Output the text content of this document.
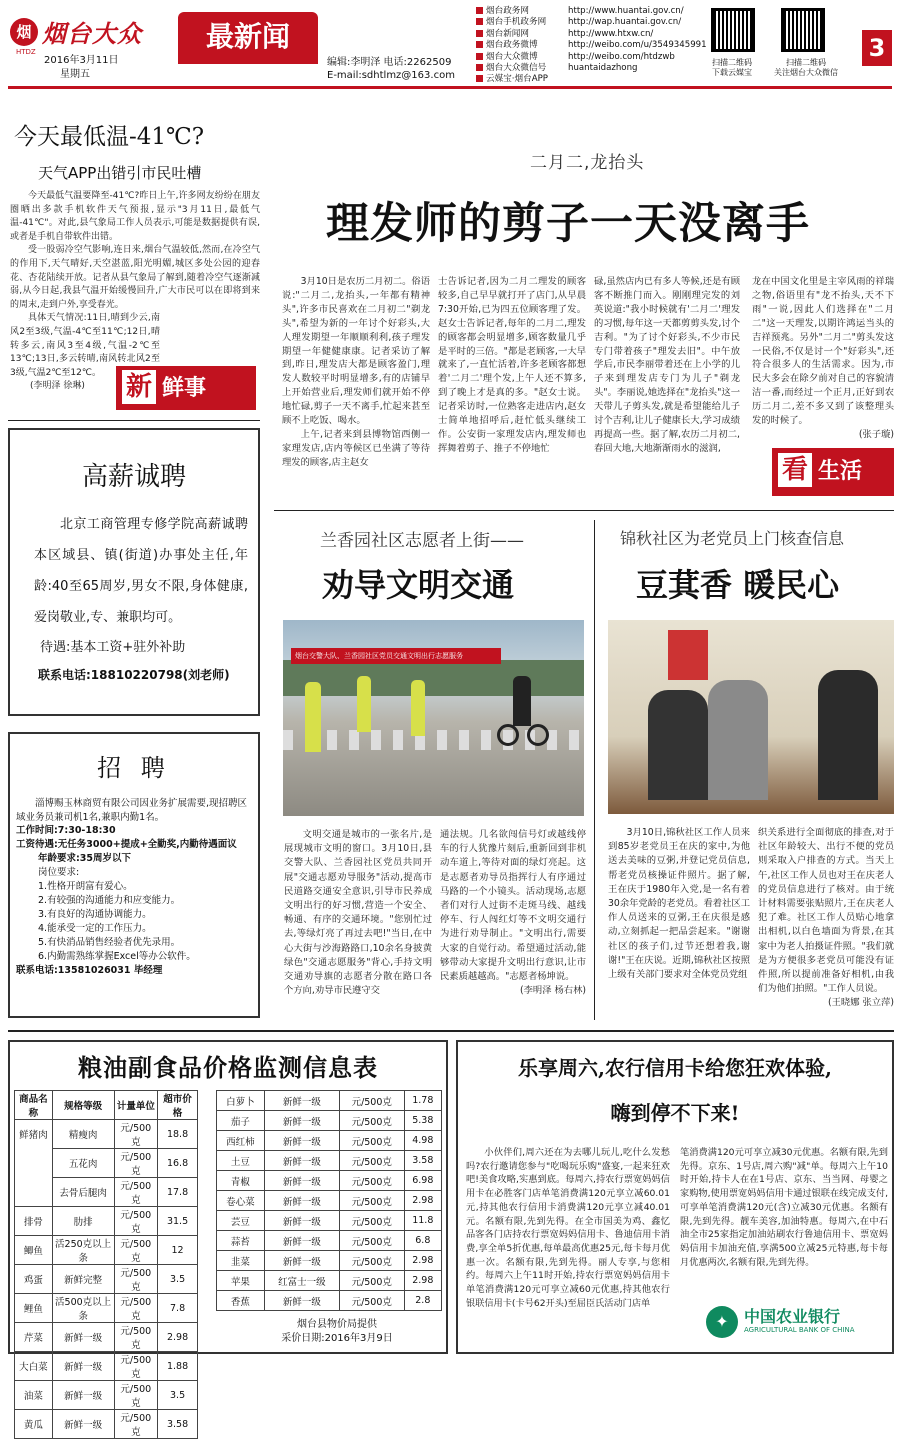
烟 烟台大众
HTDZ
2016年3月11日
星期五
最新闻
编辑:李明泽 电话:2262509
E-mail:sdhtlmz@163.com
烟台政务网	http://www.huantai.gov.cn/
烟台手机政务网	http://wap.huantai.gov.cn/
烟台新闻网	http://www.htxw.cn/
烟台政务微博	http://weibo.com/u/3549345991
烟台大众微博	http://weibo.com/htdzwb
烟台大众微信号	huantaidazhong
云媒宝·烟台APP
扫描二维码
下载云媒宝
扫描二维码
关注烟台大众微信
3
今天最低温-41℃?
天气APP出错引市民吐槽

今天最低气温要降至-41℃?昨日上午,许多网友纷纷在朋友圈晒出多款手机软件天气预报,显示"3月11日,最低气温-41℃"。对此,县气象局工作人员表示,可能是数据提供有误,或者是手机自带软件出错。

受一股弱冷空气影响,连日来,烟台气温较低,然而,在冷空气的作用下,天气晴好,天空湛蓝,阳光明媚,城区多处公园的迎春花、杏花陆续开放。记者从县气象局了解到,随着冷空气逐渐减弱,从今日起,我县气温开始缓慢回升,广大市民可以在即将到来的周末,走到户外,享受春光。

具体天气情况:11日,晴到少云,南风2至3级,气温-4℃至11℃;12日,晴转多云,南风3至4级,气温-2℃至13℃;13日,多云转晴,南风转北风2至3级,气温2℃至12℃。

(李明泽 徐琳)	新 鲜事
高薪诚聘
北京工商管理专修学院高薪诚聘本区域县、镇(街道)办事处主任,年龄:40至65周岁,男女不限,身体健康,爱岗敬业,专、兼职均可。
待遇:基本工资+驻外补助
联系电话:18810220798(刘老师)
招 聘
淄博赐玉林商贸有限公司因业务扩展需要,现招聘区域业务员兼司机1名,兼职内勤1名。
工作时间:7:30-18:30
工资待遇:无任务3000+提成+全勤奖,内勤待遇面议
年龄要求:35周岁以下
岗位要求:
1.性格开朗富有爱心。
2.有较强的沟通能力和应变能力。
3.有良好的沟通协调能力。
4.能承受一定的工作压力。
5.有快消品销售经验者优先录用。
6.内勤需熟练掌握Excel等办公软件。
联系电话:13581026031 毕经理
二月二,龙抬头
理发师的剪子一天没离手

3月10日是农历二月初二。俗语说:"二月二,龙抬头,一年都有精神头",许多市民喜欢在二月初二"剃龙头",希望为新的一年讨个好彩头,大人理发期望一年顺顺利利,孩子理发期望一年健健康康。记者采访了解到,昨日,理发店大都是顾客盈门,理发人数较平时明显增多,有的店铺早上开始营业后,理发师们就开始不停地忙碌,剪子一天不离手,忙起来甚至顾不上吃饭、喝水。

上午,记者来到县博物馆西侧一家理发店,店内等候区已坐满了等待理发的顾客,店主赵女

士告诉记者,因为二月二理发的顾客较多,自己早早就打开了店门,从早晨7:30开始,已为四五位顾客理了发。赵女士告诉记者,每年的二月二,理发的顾客都会明显增多,顾客数量几乎是平时的三倍。"都是老顾客,一大早就来了,一直忙活着,许多老顾客都想着'二月二'理个发,上午人还不算多,到了晚上才是真的多。"赵女士说。记者采访时,一位熟客走进店内,赵女士简单地招呼后,赶忙低头继续工作。公安街一家理发店内,理发师也挥舞着剪子、推子不停地忙
碌,虽然店内已有多人等候,还是有顾客不断推门而入。刚刚理完发的刘英说道:"我小时候就有'二月二'理发的习惯,每年这一天都剪剪头发,讨个吉利。"为了讨个好彩头,不少市民专门带着孩子"理发去旧"。中午放学后,市民李丽带着还在上小学的儿子来到理发店专门为儿子"剃龙头"。李丽说,她选择在"龙抬头"这一天带儿子剪头发,就是希望能给儿子讨个吉利,让儿子健康长大,学习成绩再提高一些。据了解,农历二月初二,春回大地,大地渐渐雨水的滋润,

龙在中国文化里是主宰风雨的祥瑞之物,俗语里有"龙不抬头,天不下雨"一说,因此人们选择在"二月二"这一天理发,以期许鸿运当头的吉祥预兆。另外"二月二"剪头发这一民俗,不仅是讨一个"好彩头",还符合很多人的生活需求。因为,市民大多会在除夕前对自己的容貌清洁一番,而经过一个正月,正好到农历二月二,差不多又到了该整理头发的时候了。

(张子璇)

看 生活
兰香园社区志愿者上街——
劝导文明交通
烟台交警大队、兰香园社区党员交通文明出行志愿服务
文明交通是城市的一张名片,是展现城市文明的窗口。3月10日,县交警大队、兰香园社区党员共同开展"交通志愿劝导服务"活动,提高市民道路交通安全意识,引导市民养成文明出行的好习惯,营造一个安全、畅通、有序的交通环境。"您别忙过去,等绿灯亮了再过去吧!"当日,在中心大街与沙海路路口,10余名身披黄绿色"交通志愿服务"背心,手持文明交通劝导旗的志愿者分散在路口各个方向,劝导市民遵守交

通法规。几名欲闯信号灯或越线停车的行人犹豫片刻后,重新回到非机动车道上,等待对面的绿灯亮起。这是志愿者劝导员指挥行人有序通过马路的一个小镜头。活动现场,志愿者们对行人过街不走斑马线、越线停车、行人闯红灯等不文明交通行为进行劝导制止。"文明出行,需要大家的自觉行动。希望通过活动,能够带动大家提升文明出行意识,让市民素质越越高。"志愿者杨坤说。

(李明泽 杨右林)

锦秋社区为老党员上门核查信息
豆萁香 暖民心
3月10日,锦秋社区工作人员来到85岁老党员王在庆的家中,为他送去美味的豆粥,并登记党员信息,帮老党员核操证件照片。据了解,王在庆于1980年入党,是一名有着30余年党龄的老党员。看着社区工作人员送来的豆粥,王在庆很是感动,立刻抓起一把品尝起来。"谢谢社区的孩子们,过节还想着我,谢谢!"王在庆说。近期,锦秋社区按照上级有关部门要求对全体党员党组

织关系进行全面彻底的排查,对于社区年龄较大、出行不便的党员则采取入户排查的方式。当天上午,社区工作人员也对王在庆老人的党员信息进行了核对。由于统计材料需要张贴照片,王在庆老人犯了难。社区工作人员贴心地拿出相机,以白色墙面为背景,在其家中为老人拍摄证件照。"我们就是为方便很多老党员可能没有证件照,所以提前准备好相机,由我们为他们拍照。"工作人员说。

(王晓娜 张立萍)

粮油副食品价格监测信息表
商品名称	规格等级	计量单位	超市价格
鲜猪肉	精瘦肉	元/500克	18.8
	五花肉	元/500克	16.8
	去骨后腿肉	元/500克	17.8
排骨	肋排	元/500克	31.5
鲫鱼	活250克以上条	元/500克	12
鸡蛋	新鲜完整	元/500克	3.5
鲤鱼	活500克以上条	元/500克	7.8
芹菜	新鲜一级	元/500克	2.98
大白菜	新鲜一级	元/500克	1.88
油菜	新鲜一级	元/500克	3.5
黄瓜	新鲜一级	元/500克	3.58
白萝卜	新鲜一级	元/500克	1.78
茄子	新鲜一级	元/500克	5.38
西红柿	新鲜一级	元/500克	4.98
土豆	新鲜一级	元/500克	3.58
青椒	新鲜一级	元/500克	6.98
卷心菜	新鲜一级	元/500克	2.98
芸豆	新鲜一级	元/500克	11.8
蒜苔	新鲜一级	元/500克	6.8
韭菜	新鲜一级	元/500克	2.98
苹果	红富士一级	元/500克	2.98
香蕉	新鲜一级	元/500克	2.8
烟台县物价局提供
采价日期:2016年3月9日
乐享周六,农行信用卡给您狂欢体验,
嗨到停不下来!
小伙伴们,周六还在为去哪儿玩儿,吃什么发愁吗?农行邀请您参与"吃喝玩乐购"盛宴,一起来狂欢吧!美食攻略,实惠到底。每周六,持农行票宽妈妈信用卡在必胜客门店单笔消费满120元享立减60.01元,持其他农行信用卡消费满120元享立减40.01元。名额有限,先到先得。在全市国美为鸡、鑫忆品客各门店持农行票宽妈妈信用卡、鲁迪信用卡消费,享全单5折优惠,每单最高优惠25元,每卡每月优惠一次。名额有限,先到先得。丽人专享,与您相约。每周六上午11时开始,持农行票宽妈妈信用卡单笔消费满120元可享立减60元优惠,持其他农行银联信用卡(卡号62开头)至屈臣氏活动门店单
笔消费满120元可享立减30元优惠。名额有限,先到先得。京东、1号店,周六购"减"单。每周六上午10时开始,持卡人在在1号店、京东、当当网、母婴之家购物,使用票宽妈妈信用卡通过银联在线完成支付,可享单笔消费满120元(含)立减30元优惠。名额有限,先到先得。靓车美容,加油特惠。每周六,在中石油全市25家指定加油站刷农行鲁迪信用卡、票宽妈妈信用卡加油充值,享满500立减25元特惠,每卡每月优惠两次,名额有限,先到先得。
✦ 中国农业银行
AGRICULTURAL BANK OF CHINA
